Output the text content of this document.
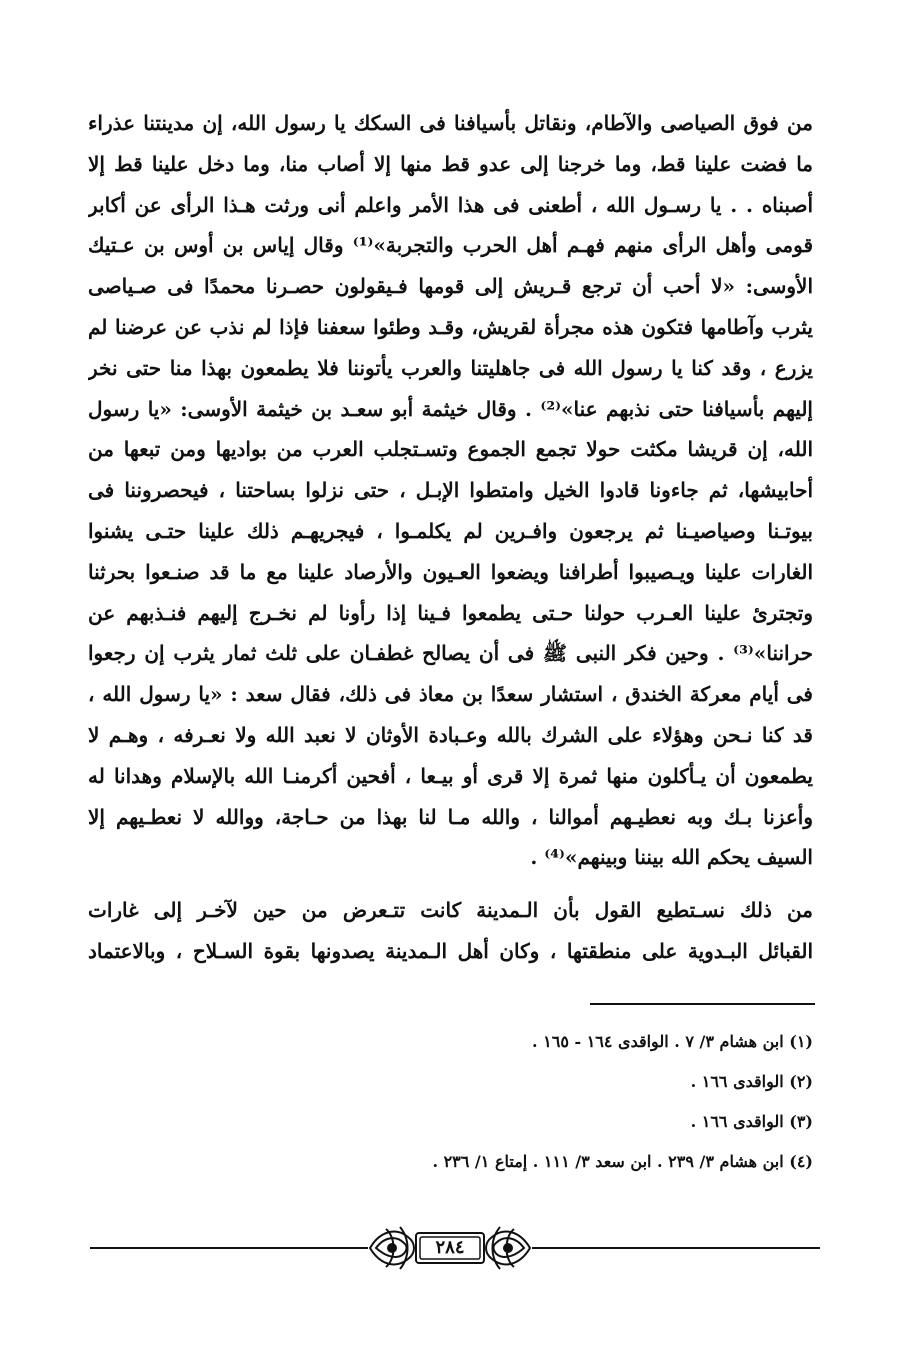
من فوق الصياصى والآطام، ونقاتل بأسيافنا فى السكك يا رسول الله، إن مدينتنا عذراء
ما فضت علينا قط، وما خرجنا إلى عدو قط منها إلا أصاب منا، وما دخل علينا قط إلا
أصبناه . . يا رسـول الله ، أطعنى فى هذا الأمر واعلم أنى ورثت هـذا الرأى عن أكابر
قومى وأهل الرأى منهم فهـم أهل الحرب والتجربة»⁽¹⁾ وقال إياس بن أوس بن عـتيك
الأوسى: «لا أحب أن ترجع قـريش إلى قومها فـيقولون حصـرنا محمدًا فى صـياصى
يثرب وآطامها فتكون هذه مجرأة لقريش، وقـد وطئوا سعفنا فإذا لم نذب عن عرضنا لم
يزرع ، وقد كنا يا رسول الله فى جاهليتنا والعرب يأتوننا فلا يطمعون بهذا منا حتى نخر
إليهم بأسيافنا حتى نذبهم عنا»⁽²⁾ . وقال خيثمة أبو سعـد بن خيثمة الأوسى: «يا رسول
الله، إن قريشا مكثت حولا تجمع الجموع وتسـتجلب العرب من بواديها ومن تبعها من
أحابيشها، ثم جاءونا قادوا الخيل وامتطوا الإبـل ، حتى نزلوا بساحتنا ، فيحصروننا فى
بيوتـنا وصياصيـنا ثم يرجعون وافـرين لم يكلمـوا ، فيجريهـم ذلك علينا حتـى يشنوا
الغارات علينا ويـصيبوا أطرافنا ويضعوا العـيون والأرصاد علينا مع ما قد صنـعوا بحرثنا
وتجترئ علينا العـرب حولنا حـتى يطمعوا فـينا إذا رأونا لم نخـرج إليهم فنـذبهم عن
حراننا»⁽³⁾ . وحين فكر النبى ﷺ فى أن يصالح غطفـان على ثلث ثمار يثرب إن رجعوا
فى أيام معركة الخندق ، استشار سعدًا بن معاذ فى ذلك، فقال سعد : «يا رسول الله ،
قد كنا نـحن وهؤلاء على الشرك بالله وعـبادة الأوثان لا نعبد الله ولا نعـرفه ، وهـم لا
يطمعون أن يـأكلون منها ثمرة إلا قرى أو بيـعا ، أفحين أكرمنـا الله بالإسلام وهدانا له
وأعزنا بـك وبه نعطيـهم أموالنا ، والله مـا لنا بهذا من حـاجة، ووالله لا نعطـيهم إلا
السيف يحكم الله بيننا وبينهم»⁽⁴⁾ .
من ذلك نسـتطيع القول بأن الـمدينة كانت تتـعرض من حين لآخـر إلى غارات
القبائل البـدوية على منطقتها ، وكان أهل الـمدينة يصدونها بقوة السـلاح ، وبالاعتماد
(١) ابن هشام ٣/ ٧ . الواقدى ١٦٤ - ١٦٥ .
(٢) الواقدى ١٦٦ .
(٣) الواقدى ١٦٦ .
(٤) ابن هشام ٣/ ٢٣٩ . ابن سعد ٣/ ١١١ . إمتاع ١/ ٢٣٦ .
٢٨٤
